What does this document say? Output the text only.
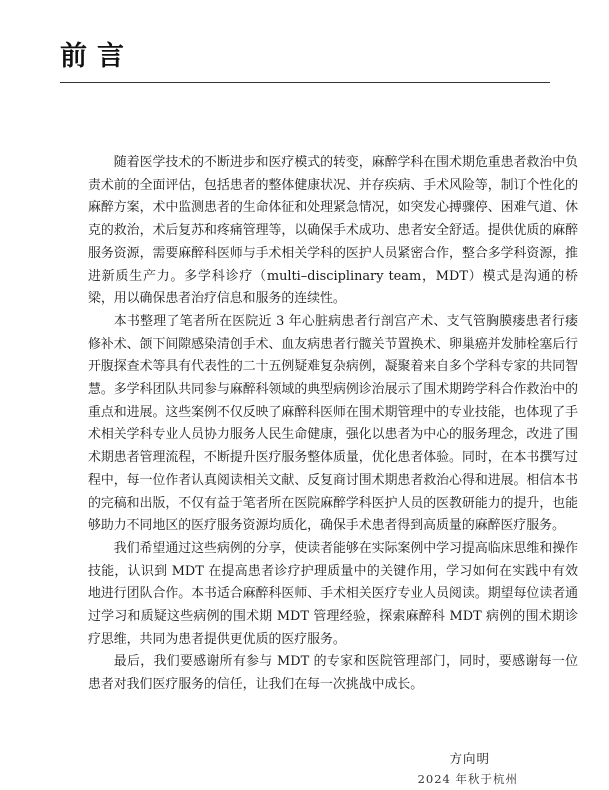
前言

随着医学技术的不断进步和医疗模式的转变，麻醉学科在围术期危重患者救治中负责术前的全面评估，包括患者的整体健康状况、并存疾病、手术风险等，制订个性化的麻醉方案，术中监测患者的生命体征和处理紧急情况，如突发心搏骤停、困难气道、休克的救治，术后复苏和疼痛管理等，以确保手术成功、患者安全舒适。提供优质的麻醉服务资源，需要麻醉科医师与手术相关学科的医护人员紧密合作，整合多学科资源，推进新质生产力。多学科诊疗（multi–disciplinary team，MDT）模式是沟通的桥梁，用以确保患者治疗信息和服务的连续性。

本书整理了笔者所在医院近 3 年心脏病患者行剖宫产术、支气管胸膜瘘患者行瘘修补术、颌下间隙感染清创手术、血友病患者行髋关节置换术、卵巢癌并发肺栓塞后行开腹探查术等具有代表性的二十五例疑难复杂病例，凝聚着来自多个学科专家的共同智慧。多学科团队共同参与麻醉科领域的典型病例诊治展示了围术期跨学科合作救治中的重点和进展。这些案例不仅反映了麻醉科医师在围术期管理中的专业技能，也体现了手术相关学科专业人员协力服务人民生命健康，强化以患者为中心的服务理念，改进了围术期患者管理流程，不断提升医疗服务整体质量，优化患者体验。同时，在本书撰写过程中，每一位作者认真阅读相关文献、反复商讨围术期患者救治心得和进展。相信本书的完稿和出版，不仅有益于笔者所在医院麻醉学科医护人员的医教研能力的提升，也能够助力不同地区的医疗服务资源均质化，确保手术患者得到高质量的麻醉医疗服务。

我们希望通过这些病例的分享，使读者能够在实际案例中学习提高临床思维和操作技能，认识到 MDT 在提高患者诊疗护理质量中的关键作用，学习如何在实践中有效地进行团队合作。本书适合麻醉科医师、手术相关医疗专业人员阅读。期望每位读者通过学习和质疑这些病例的围术期 MDT 管理经验，探索麻醉科 MDT 病例的围术期诊疗思维，共同为患者提供更优质的医疗服务。

最后，我们要感谢所有参与 MDT 的专家和医院管理部门，同时，要感谢每一位患者对我们医疗服务的信任，让我们在每一次挑战中成长。

方向明
2024 年秋于杭州
